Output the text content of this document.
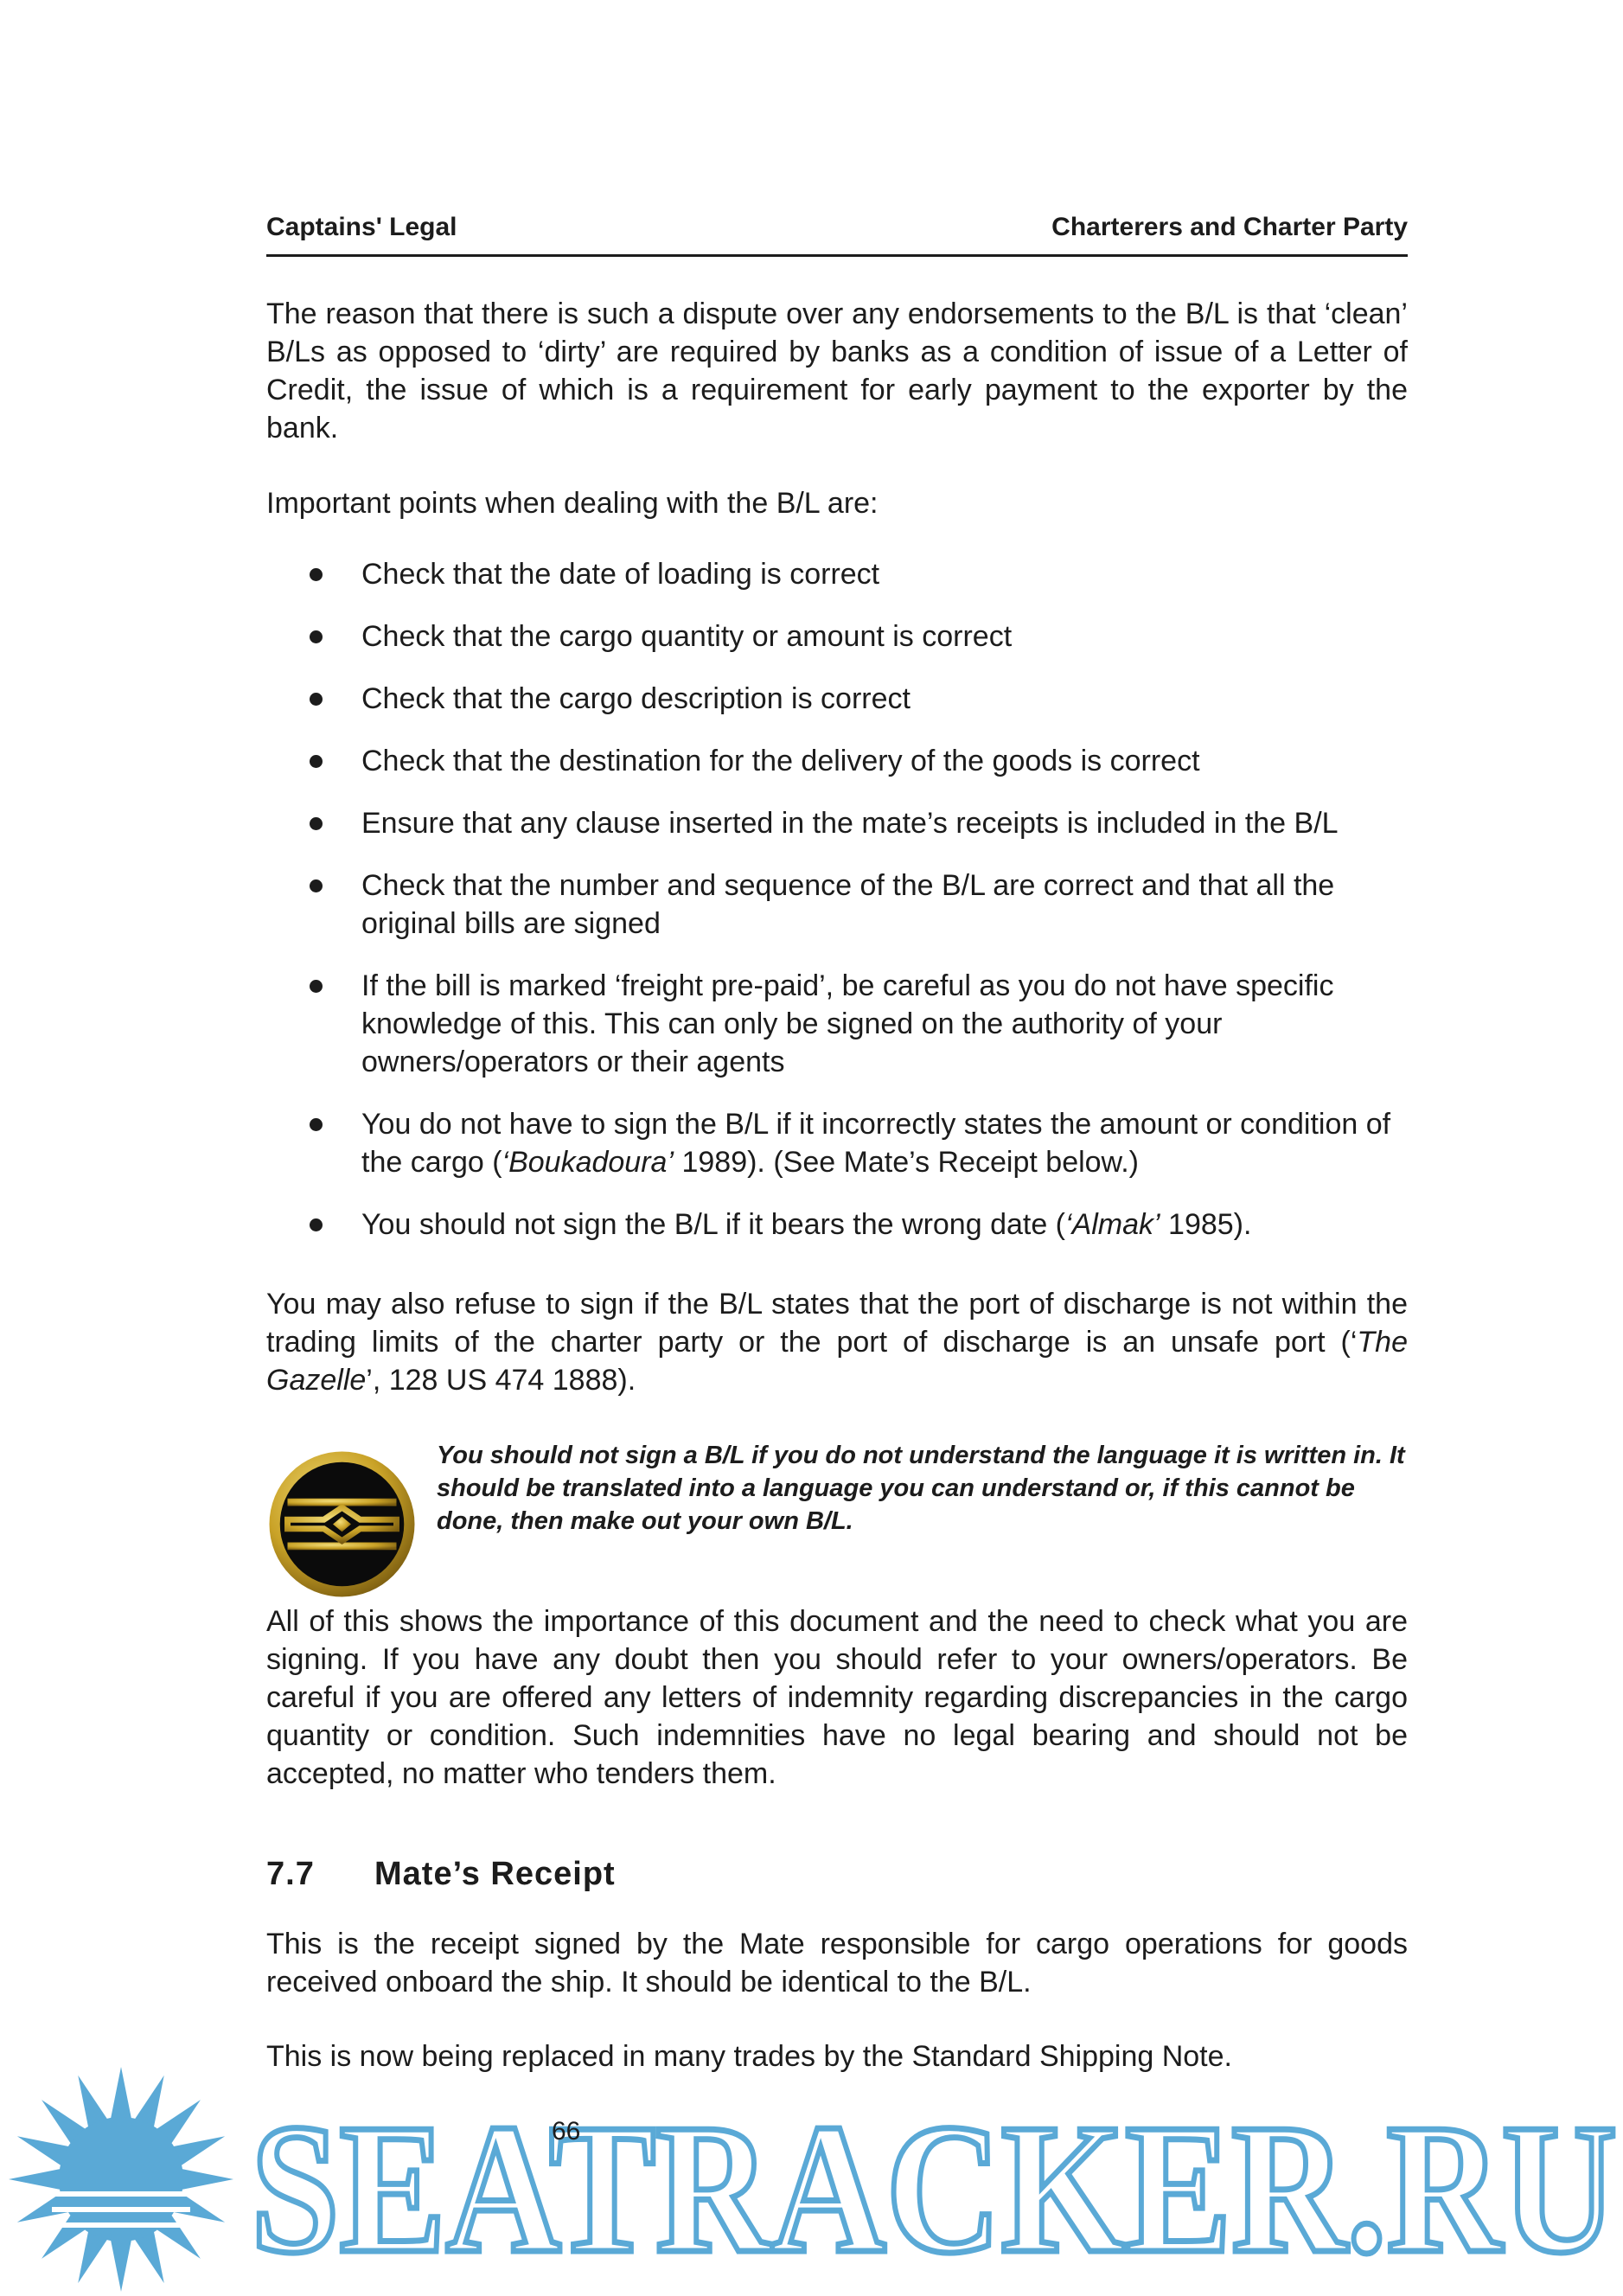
Captains' Legal	Charterers and Charter Party

The reason that there is such a dispute over any endorsements to the B/L is that ‘clean’ B/Ls as opposed to ‘dirty’ are required by banks as a condition of issue of a Letter of Credit, the issue of which is a requirement for early payment to the exporter by the bank.

Important points when dealing with the B/L are:

Check that the date of loading is correct
Check that the cargo quantity or amount is correct
Check that the cargo description is correct
Check that the destination for the delivery of the goods is correct
Ensure that any clause inserted in the mate’s receipts is included in the B/L
Check that the number and sequence of the B/L are correct and that all the original bills are signed
If the bill is marked ‘freight pre-paid’, be careful as you do not have specific knowledge of this. This can only be signed on the authority of your owners/operators or their agents
You do not have to sign the B/L if it incorrectly states the amount or condition of the cargo (‘Boukadoura’ 1989). (See Mate’s Receipt below.)
You should not sign the B/L if it bears the wrong date (‘Almak’ 1985).

You may also refuse to sign if the B/L states that the port of discharge is not within the trading limits of the charter party or the port of discharge is an unsafe port (‘The Gazelle’, 128 US 474 1888).

You should not sign a B/L if you do not understand the language it is written in. It should be translated into a language you can understand or, if this cannot be done, then make out your own B/L.

All of this shows the importance of this document and the need to check what you are signing. If you have any doubt then you should refer to your owners/operators. Be careful if you are offered any letters of indemnity regarding discrepancies in the cargo quantity or condition. Such indemnities have no legal bearing and should not be accepted, no matter who tenders them.

7.7 Mate’s Receipt

This is the receipt signed by the Mate responsible for cargo operations for goods received onboard the ship. It should be identical to the B/L.

This is now being replaced in many trades by the Standard Shipping Note.

SEATRACKER.RU
66
